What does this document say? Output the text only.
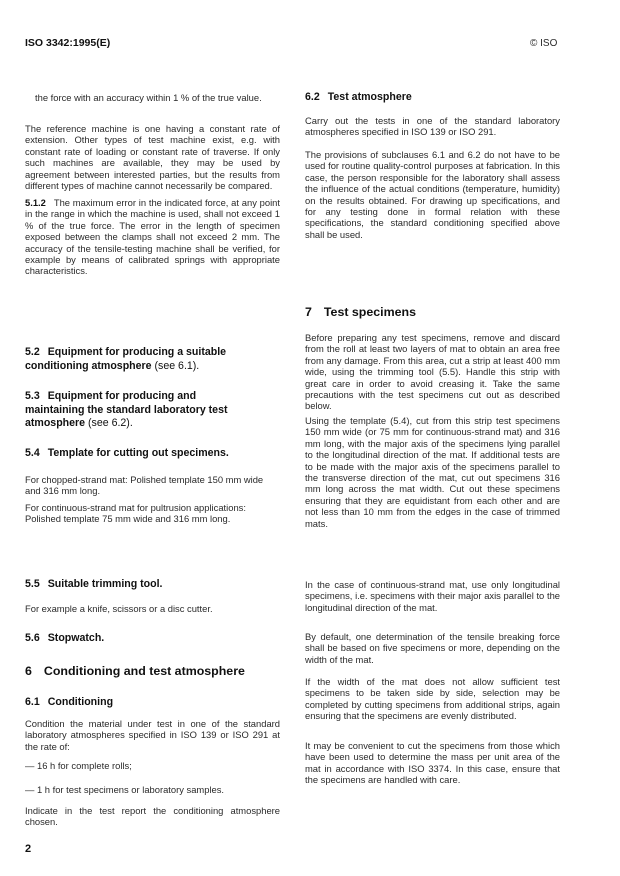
ISO 3342:1995(E)	© ISO
the force with an accuracy within 1 % of the true value.
The reference machine is one having a constant rate of extension. Other types of test machine exist, e.g. with constant rate of loading or constant rate of traverse. If only such machines are available, they may be used by agreement between interested parties, but the results from different types of machine cannot necessarily be compared.
5.1.2 The maximum error in the indicated force, at any point in the range in which the machine is used, shall not exceed 1 % of the true force. The error in the length of specimen exposed between the clamps shall not exceed 2 mm. The accuracy of the tensile-testing machine shall be verified, for example by means of calibrated springs with appropriate characteristics.
5.2 Equipment for producing a suitable conditioning atmosphere (see 6.1).
5.3 Equipment for producing and maintaining the standard laboratory test atmosphere (see 6.2).
5.4 Template for cutting out specimens.
For chopped-strand mat: Polished template 150 mm wide and 316 mm long.
For continuous-strand mat for pultrusion applications: Polished template 75 mm wide and 316 mm long.
5.5 Suitable trimming tool.
For example a knife, scissors or a disc cutter.
5.6 Stopwatch.
6 Conditioning and test atmosphere
6.1 Conditioning
Condition the material under test in one of the standard laboratory atmospheres specified in ISO 139 or ISO 291 at the rate of:
— 16 h for complete rolls;
— 1 h for test specimens or laboratory samples.
Indicate in the test report the conditioning atmosphere chosen.
6.2 Test atmosphere
Carry out the tests in one of the standard laboratory atmospheres specified in ISO 139 or ISO 291.
The provisions of subclauses 6.1 and 6.2 do not have to be used for routine quality-control purposes at fabrication. In this case, the person responsible for the laboratory shall assess the influence of the actual conditions (temperature, humidity) on the results obtained. For drawing up specifications, and for any testing done in formal relation with these specifications, the standard conditioning specified above shall be used.
7 Test specimens
Before preparing any test specimens, remove and discard from the roll at least two layers of mat to obtain an area free from any damage. From this area, cut a strip at least 400 mm wide, using the trimming tool (5.5). Handle this strip with great care in order to avoid creasing it. Take the same precautions with the test specimens cut out as described below.
Using the template (5.4), cut from this strip test specimens 150 mm wide (or 75 mm for continuous-strand mat) and 316 mm long, with the major axis of the specimens lying parallel to the longitudinal direction of the mat. If additional tests are to be made with the major axis of the specimens parallel to the transverse direction of the mat, cut out specimens 316 mm long across the mat width. Cut out these specimens ensuring that they are equidistant from each other and are not less than 10 mm from the edges in the case of trimmed mats.
In the case of continuous-strand mat, use only longitudinal specimens, i.e. specimens with their major axis parallel to the longitudinal direction of the mat.
By default, one determination of the tensile breaking force shall be based on five specimens or more, depending on the width of the mat.
If the width of the mat does not allow sufficient test specimens to be taken side by side, selection may be completed by cutting specimens from additional strips, again ensuring that the specimens are evenly distributed.
It may be convenient to cut the specimens from those which have been used to determine the mass per unit area of the mat in accordance with ISO 3374. In this case, ensure that the specimens are handled with care.
2
